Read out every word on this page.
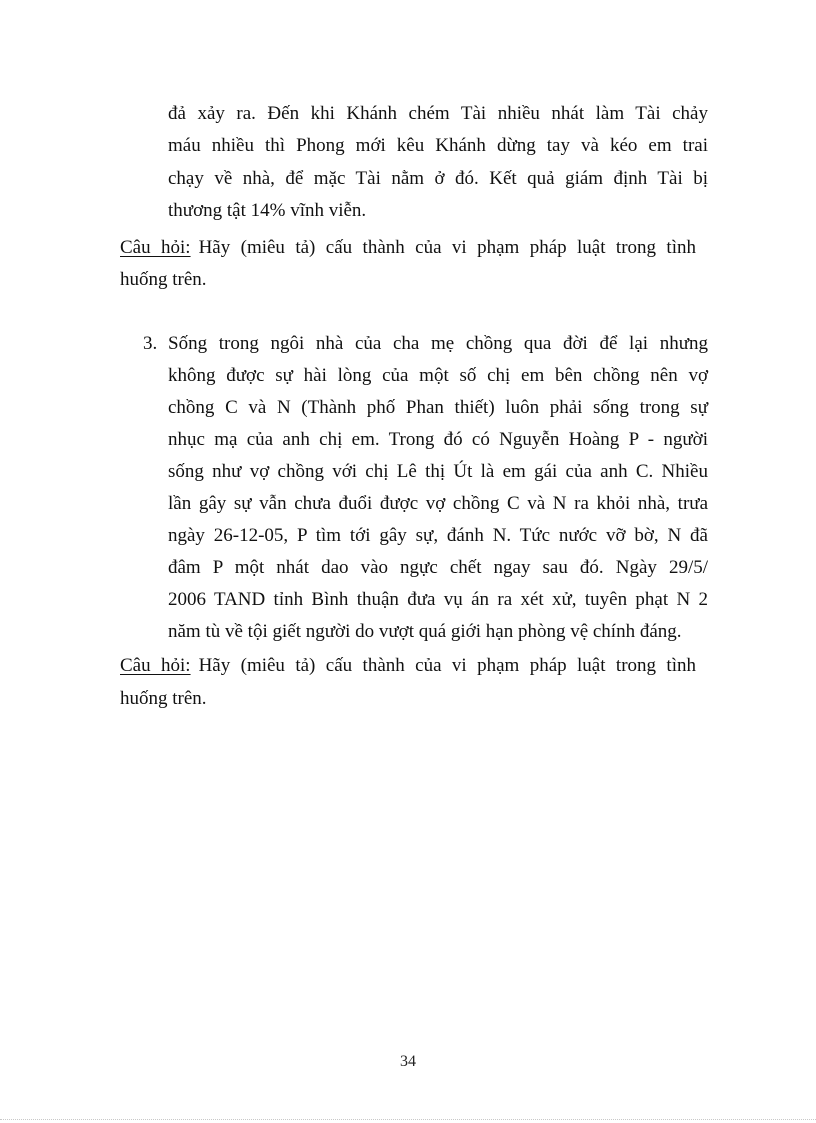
đả xảy ra. Đến khi Khánh chém Tài nhiều nhát làm Tài chảy
máu nhiều thì Phong mới kêu Khánh dừng tay và kéo em trai
chạy về nhà, để mặc Tài nằm ở đó. Kết quả giám định Tài bị
thương tật 14% vĩnh viễn.
Câu hỏi: Hãy (miêu tả) cấu thành của vi phạm pháp luật trong tình
huống trên.
3. Sống trong ngôi nhà của cha mẹ chồng qua đời để lại nhưng
không được sự hài lòng của một số chị em bên chồng nên vợ
chồng C và N (Thành phố Phan thiết) luôn phải sống trong sự
nhục mạ của anh chị em. Trong đó có Nguyễn Hoàng P - người
sống như vợ chồng với chị Lê thị Út là em gái của anh C. Nhiều
lần gây sự vẫn chưa đuổi được vợ chồng C và N ra khỏi nhà, trưa
ngày 26-12-05, P tìm tới gây sự, đánh N. Tức nước vỡ bờ, N đã
đâm P một nhát dao vào ngực chết ngay sau đó. Ngày 29/5/
2006 TAND tỉnh Bình thuận đưa vụ án ra xét xử, tuyên phạt N 2
năm tù về tội giết người do vượt quá giới hạn phòng vệ chính đáng.
Câu hỏi: Hãy (miêu tả) cấu thành của vi phạm pháp luật trong tình
huống trên.
34
